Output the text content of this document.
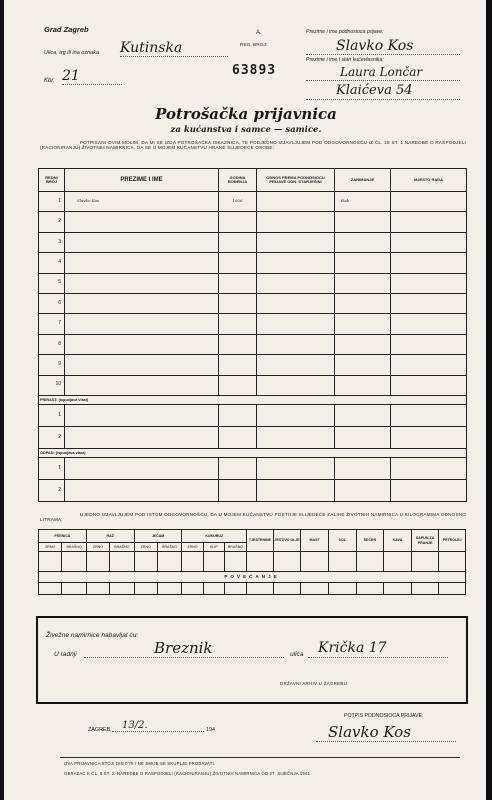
Grad Zagreb
Ulica, trg ili ina oznaka Kutinska
Kbr. 21
A.
REG. BROJ:
63893
Prezime i ime podnosioca prijave:
Slavko Kos
Prezime i ime i stan kućevlasnika:
Laura Lončar
Klaićeva 54
Potrošačka prijavnica
za kućanstva i samce — samice.
POTPISANI OVIM MOLIM, DA MI SE IZDA POTROŠAČKA ISKAZNICA, TE PODJEDNO IZJAVLJUJEM POD ODGOVORNOŠĆU IZ ČL. 18 ST. 1 NAREDBE O RASPODJELI (RACIONIRANJU) ŽIVOTNIH NAMIRNICA, DA SE U MOJEM KUĆANSTVU HRANE SLIJEDEĆE OSOBE:
REDNI BROJ	PREZIME I IME	GODINA ROĐENJA	ODNOS PREMA PODNOSIOCU PRIJAVE ODN. STARJEŠINI	ZANIMANJE	MJESTO RADA
1	Slavko Kos	1926		Đak	
2					
3					
4					
5					
6					
7					
8					
9					
10					
PRIRAST: (ispunjava vlast)					
1					
2					
ODPAD: (ispunjava vlast)					
1					
2					
UJEDNO IZJAVLJUJEM POD ISTOM ODGOVORNOŠĆU, DA U MOJEM KUĆANSTVU POSTOJE SLIJEDEĆE ZALIHE ŽIVOTNIH NAMIRNICA U KILOGRAMIMA ODNOSNO LITRAMA:
PŠENICA		RAŽ		JEČAM		KUKURUZ			TJESTENINE	JESTIVO ULJE	MAST	SOL	ŠEĆER	KAVA	SAPUN ZA PRANJE	PETROLEJ
ZRNO	BRAŠNO	ZRNO	BRAŠNO	ZRNO	BRAŠNO	ZRNO	KLIP	BRAŠNO								

POVEĆANJE																

Živežne namirnice nabavljat ću:
U radnji	Breznik	ulica	Krička 17
DRŽAVNI ARHIV U ZAGREBU
ZAGREB,	13/2.	194
POTPIS PODNOSIOCA PRIJAVE:
Slavko Kos
OVA PRIJAVNICA STOJI DIN 0'75 I NE SMIJE SE SKUPLJE PRODAVATI.
OBRAZAC K ČL. 5 ST. 2. NAREDBE O RASPODJELI (RACIONIRANJU) ŽIVOTNIH NAMIRNICA OD 27. SIJEČNJA 1941.
